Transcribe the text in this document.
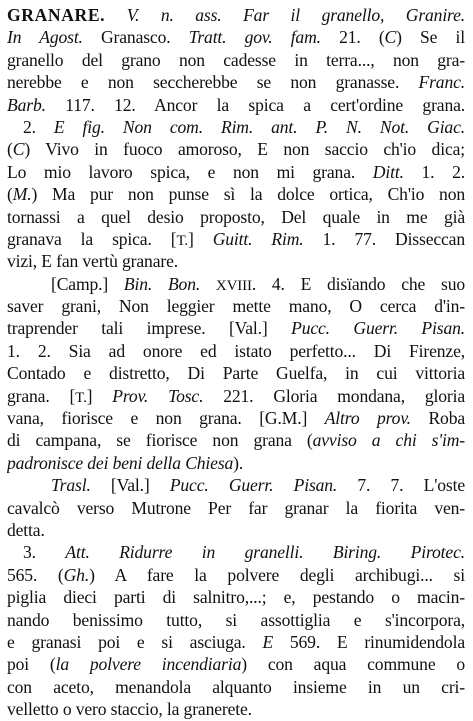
GRANARE. V. n. ass. Far il granello, Granire.
In Agost. Granasco. Tratt. gov. fam. 21. (C) Se il
granello del grano non cadesse in terra..., non gra-
nerebbe e non seccherebbe se non granasse. Franc.
Barb. 117. 12. Ancor la spica a cert'ordine grana.
2. E fig. Non com. Rim. ant. P. N. Not. Giac.
(C) Vivo in fuoco amoroso, E non saccio ch'io dica;
Lo mio lavoro spica, e non mi grana. Ditt. 1. 2.
(M.) Ma pur non punse sì la dolce ortica, Ch'io non
tornassi a quel desio proposto, Del quale in me già
granava la spica. [T.] Guitt. Rim. 1. 77. Disseccan
vizi, E fan vertù granare.
[Camp.] Bin. Bon. XVIII. 4. E disïando che suo
saver grani, Non leggier mette mano, O cerca d'in-
traprender tali imprese. [Val.] Pucc. Guerr. Pisan.
1. 2. Sia ad onore ed istato perfetto... Di Firenze,
Contado e distretto, Di Parte Guelfa, in cui vittoria
grana. [T.] Prov. Tosc. 221. Gloria mondana, gloria
vana, fiorisce e non grana. [G.M.] Altro prov. Roba
di campana, se fiorisce non grana (avviso a chi s'im-
padronisce dei beni della Chiesa).
Trasl. [Val.] Pucc. Guerr. Pisan. 7. 7. L'oste
cavalcò verso Mutrone Per far granar la fiorita ven-
detta.
3. Att. Ridurre in granelli. Biring. Pirotec.
565. (Gh.) A fare la polvere degli archibugi... si
piglia dieci parti di salnitro,...; e, pestando o macin-
nando benissimo tutto, si assottiglia e s'incorpora,
e granasi poi e si asciuga. E 569. E rinumidendola
poi (la polvere incendiaria) con aqua commune o
con aceto, menandola alquanto insieme in un cri-
velletto o vero staccio, la granerete.
